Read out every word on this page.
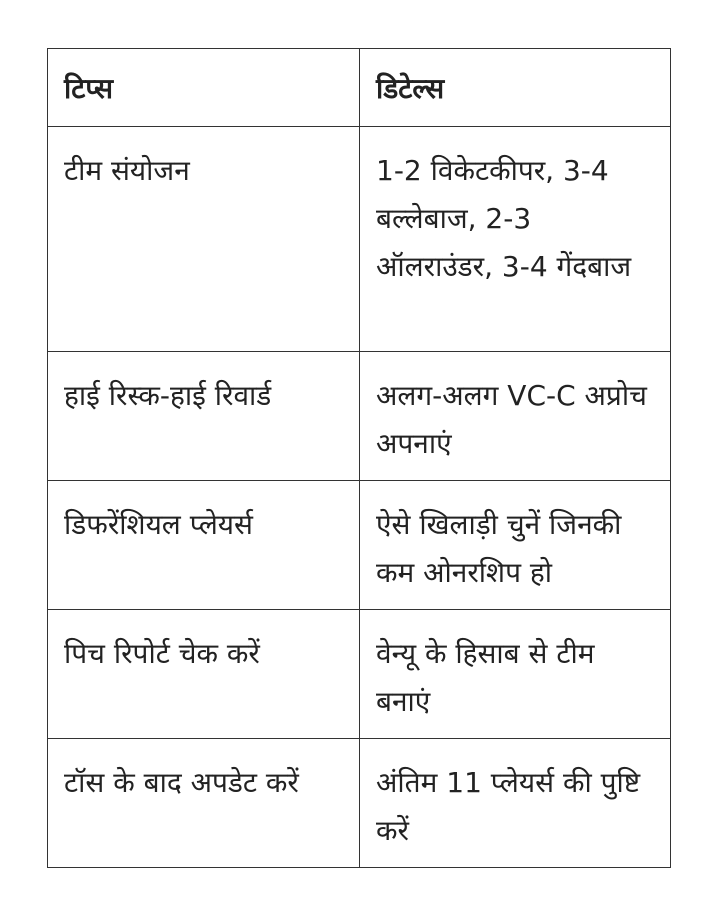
टिप्स	डिटेल्स
टीम संयोजन	1-2 विकेटकीपर, 3-4 बल्लेबाज, 2-3 ऑलराउंडर, 3-4 गेंदबाज
हाई रिस्क-हाई रिवार्ड	अलग-अलग VC-C अप्रोच अपनाएं
डिफरेंशियल प्लेयर्स	ऐसे खिलाड़ी चुनें जिनकी कम ओनरशिप हो
पिच रिपोर्ट चेक करें	वेन्यू के हिसाब से टीम बनाएं
टॉस के बाद अपडेट करें	अंतिम 11 प्लेयर्स की पुष्टि करें
